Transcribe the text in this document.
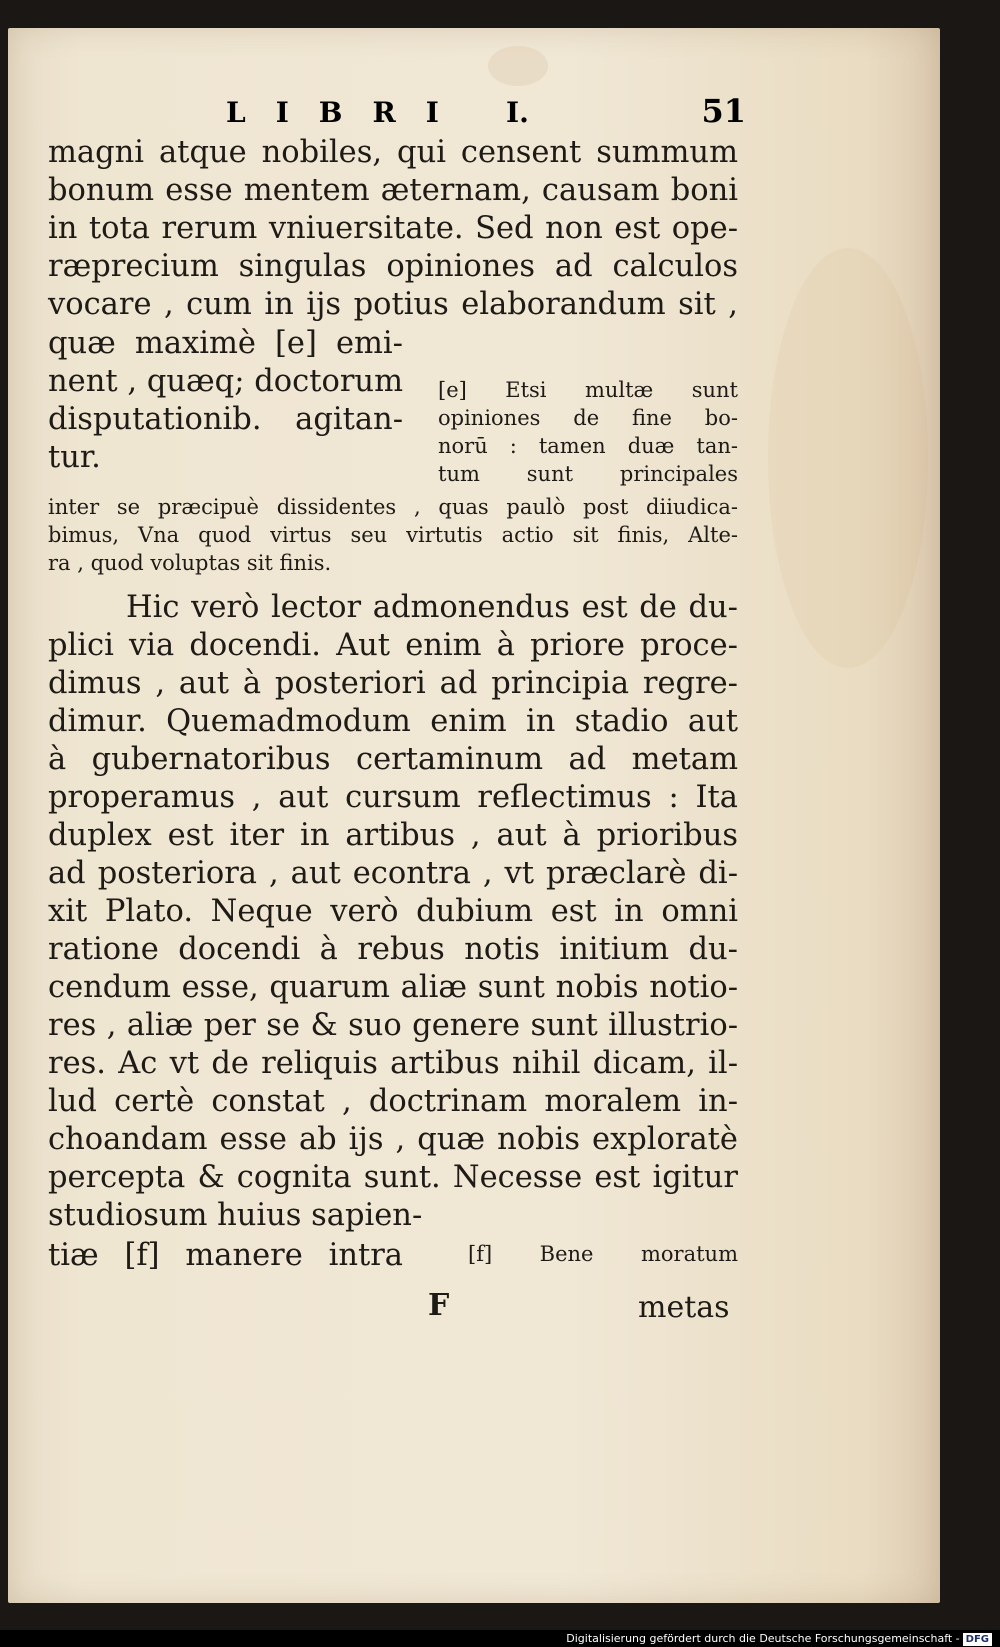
LIBRI I.	51
magni atque nobiles, qui censent summum
bonum esse mentem æternam, causam boni
in tota rerum vniuersitate. Sed non est ope-
ræprecium singulas opiniones ad calculos
vocare , cum in ijs potius elaborandum sit ,
quæ maximè [e] emi-
nent , quæq; doctorum
disputationib. agitan-
tur.
[e] Etsi multæ sunt
opiniones de fine bo-
norū : tamen duæ tan-
tum sunt principales
inter se præcipuè dissidentes , quas paulò post diiudica-
bimus, Vna quod virtus seu virtutis actio sit finis, Alte-
ra , quod voluptas sit finis.
Hic verò lector admonendus est de du-
plici via docendi. Aut enim à priore proce-
dimus , aut à posteriori ad principia regre-
dimur. Quemadmodum enim in stadio aut
à gubernatoribus certaminum ad metam
properamus , aut cursum reflectimus : Ita
duplex est iter in artibus , aut à prioribus
ad posteriora , aut econtra , vt præclarè di-
xit Plato. Neque verò dubium est in omni
ratione docendi à rebus notis initium du-
cendum esse, quarum aliæ sunt nobis notio-
res , aliæ per se & suo genere sunt illustrio-
res. Ac vt de reliquis artibus nihil dicam, il-
lud certè constat , doctrinam moralem in-
choandam esse ab ijs , quæ nobis exploratè
percepta & cognita sunt. Necesse est igitur
studiosum huius sapien-
tiæ [f] manere intra	[f] Bene moratum
F	metas
Digitalisierung gefördert durch die Deutsche Forschungsgemeinschaft - DFG
